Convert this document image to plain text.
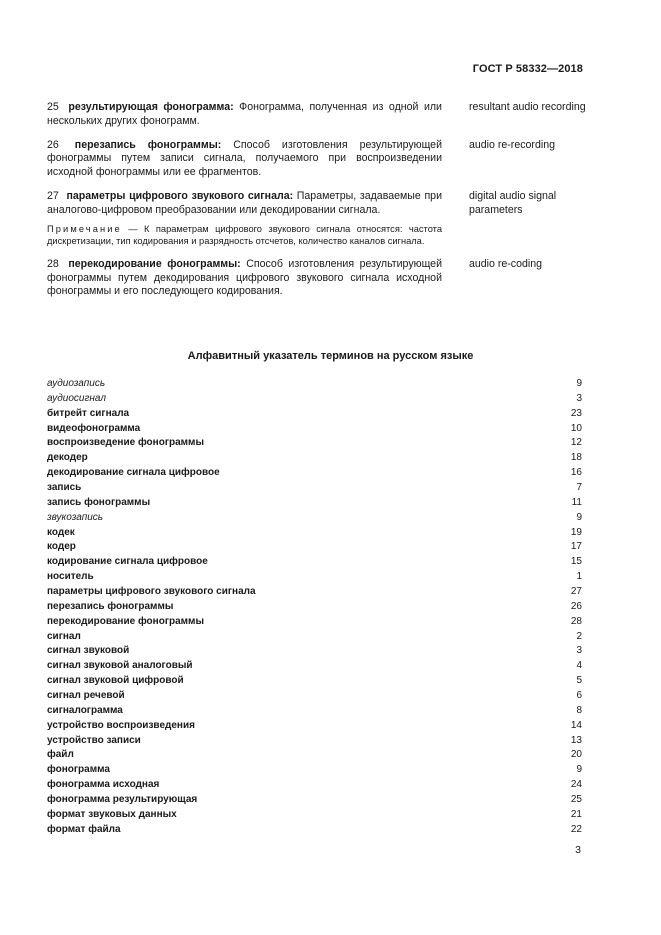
ГОСТ Р 58332—2018
25 результирующая фонограмма: Фонограмма, полученная из одной или нескольких других фонограмм.
resultant audio recording
26 перезапись фонограммы: Способ изготовления результирующей фонограммы путем записи сигнала, получаемого при воспроизведении исходной фонограммы или ее фрагментов.
audio re-recording
27 параметры цифрового звукового сигнала: Параметры, задаваемые при аналогово-цифровом преобразовании или декодировании сигнала.
Примечание — К параметрам цифрового звукового сигнала относятся: частота дискретизации, тип кодирования и разрядность отсчетов, количество каналов сигнала.
digital audio signal parameters
28 перекодирование фонограммы: Способ изготовления результирующей фонограммы путем декодирования цифрового звукового сигнала исходной фонограммы и его последующего кодирования.
audio re-coding
Алфавитный указатель терминов на русском языке
аудиозапись	9
аудиосигнал	3
битрейт сигнала	23
видеофонограмма	10
воспроизведение фонограммы	12
декодер	18
декодирование сигнала цифровое	16
запись	7
запись фонограммы	11
звукозапись	9
кодек	19
кодер	17
кодирование сигнала цифровое	15
носитель	1
параметры цифрового звукового сигнала	27
перезапись фонограммы	26
перекодирование фонограммы	28
сигнал	2
сигнал звуковой	3
сигнал звуковой аналоговый	4
сигнал звуковой цифровой	5
сигнал речевой	6
сигналограмма	8
устройство воспроизведения	14
устройство записи	13
файл	20
фонограмма	9
фонограмма исходная	24
фонограмма результирующая	25
формат звуковых данных	21
формат файла	22
3
